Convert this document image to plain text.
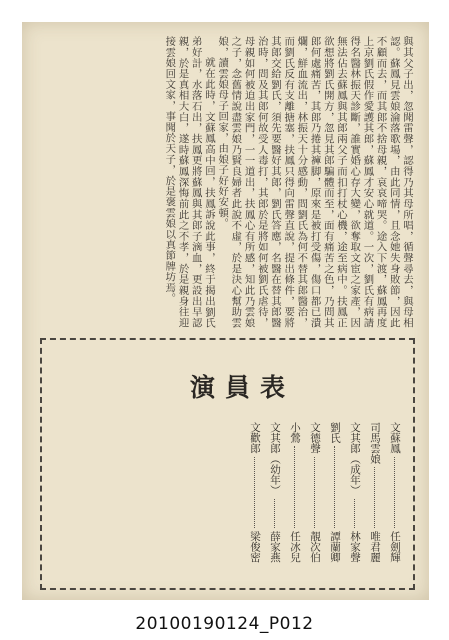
與其父子出，忽聞雷聲，認得乃其母所唱，循聲尋去，與母相認。蘇鳳見雲娘淪落歌場，由此同情，且念她失身敗節，因此不顧而去，而其郎不捨母親，哀哀啼哭。途入下渡，蘇鳳再度上京劉氏假作愛護其郎，蘇鳳才安心就道。一次，劉氏有病請得名醫林振天診斷，誰實婚心存大變，欲奪取文宦之家產，因無法佔去蘇鳳與其郎兩父子而扣打杖心機，途至病中。扶鳳正欲想將劉氏開方，忽見其郎騙體而至，面有痛苦之色，乃問其郎何處痛苦，其郎乃捲其褲脚，原來是被打受傷，傷口都已潰爛，鮮血流出，林振天十分感動，問劉氏為何不替其郎醫治，而劉氏反有支離搪塞，扶鳳只得向雷聲直說，提出條件，要將其郎交給劉氏，須先要醫好其郎，劉氏答應，名醫在替其郎醫治時，問及其郎何故受人毒打，其郎於是將如何被劉氏虐待，母親如何被迫出家門，一一道出，扶鳳心有所感，知此乃雲娘之子，念舊情說盡雲娘乃賢良婦者此說不虛，於是決心幫助雲娘，讀雲娘母子回家，由娘子好好安頓。

就在此時，文蘇鳳高中回，扶鳳訴說此事，終于揭出劉氏弟好計，水落石出，扶鳳更將蘇鳳與其郎子滴血，更設出早認親，於是真相大白，遂時蘇鳳深悔前此之不孝，於是親身往迎接雲娘回文家，事聞於天子，於是褒雲娘以真節牌坊焉。

演員表
文蘇鳳
任劍輝
司馬雲娘
唯君麗
文其郎（成年）
林家聲
劉氏
譚蘭卿
文德聲
靚次伯
小鶯
任冰兒
文其郎（幼年）
薛家燕
文歡郎
梁俊密
20100190124_P012
